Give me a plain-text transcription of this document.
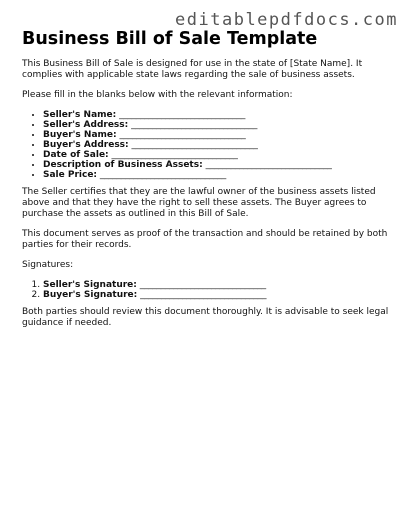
editablepdfdocs.com
Business Bill of Sale Template

This Business Bill of Sale is designed for use in the state of [State Name]. It complies with applicable state laws regarding the sale of business assets.

Please fill in the blanks below with the relevant information:

• Seller's Name: ______________________________
• Seller's Address: ______________________________
• Buyer's Name: ______________________________
• Buyer's Address: ______________________________
• Date of Sale: ______________________________
• Description of Business Assets: ______________________________
• Sale Price: ______________________________

The Seller certifies that they are the lawful owner of the business assets listed above and that they have the right to sell these assets. The Buyer agrees to purchase the assets as outlined in this Bill of Sale.

This document serves as proof of the transaction and should be retained by both parties for their records.

Signatures:

1. Seller's Signature: ______________________________
2. Buyer's Signature: ______________________________

Both parties should review this document thoroughly. It is advisable to seek legal guidance if needed.
